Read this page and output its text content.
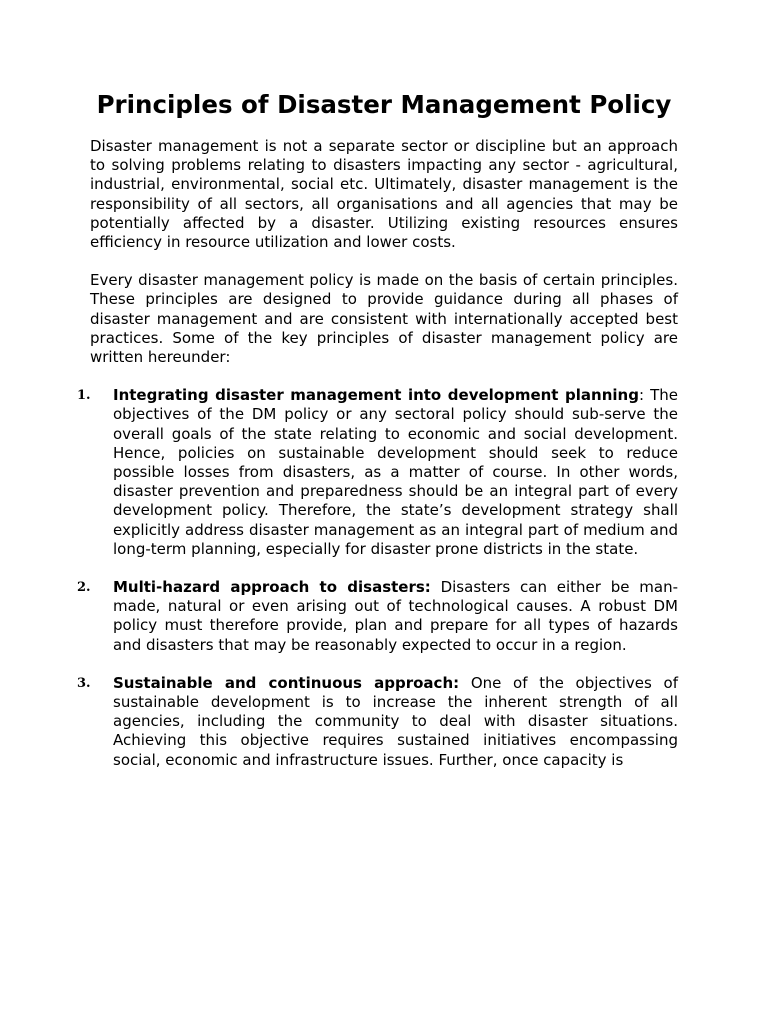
Principles of Disaster Management Policy

Disaster management is not a separate sector or discipline but an approach to solving problems relating to disasters impacting any sector - agricultural, industrial, environmental, social etc. Ultimately, disaster management is the responsibility of all sectors, all organisations and all agencies that may be potentially affected by a disaster. Utilizing existing resources ensures efficiency in resource utilization and lower costs.

Every disaster management policy is made on the basis of certain principles. These principles are designed to provide guidance during all phases of disaster management and are consistent with internationally accepted best practices. Some of the key principles of disaster management policy are written hereunder:

1. Integrating disaster management into development planning: The objectives of the DM policy or any sectoral policy should sub-serve the overall goals of the state relating to economic and social development. Hence, policies on sustainable development should seek to reduce possible losses from disasters, as a matter of course. In other words, disaster prevention and preparedness should be an integral part of every development policy. Therefore, the state’s development strategy shall explicitly address disaster management as an integral part of medium and long-term planning, especially for disaster prone districts in the state.
2. Multi-hazard approach to disasters: Disasters can either be man-made, natural or even arising out of technological causes. A robust DM policy must therefore provide, plan and prepare for all types of hazards and disasters that may be reasonably expected to occur in a region.
3. Sustainable and continuous approach: One of the objectives of sustainable development is to increase the inherent strength of all agencies, including the community to deal with disaster situations. Achieving this objective requires sustained initiatives encompassing social, economic and infrastructure issues. Further, once capacity is
